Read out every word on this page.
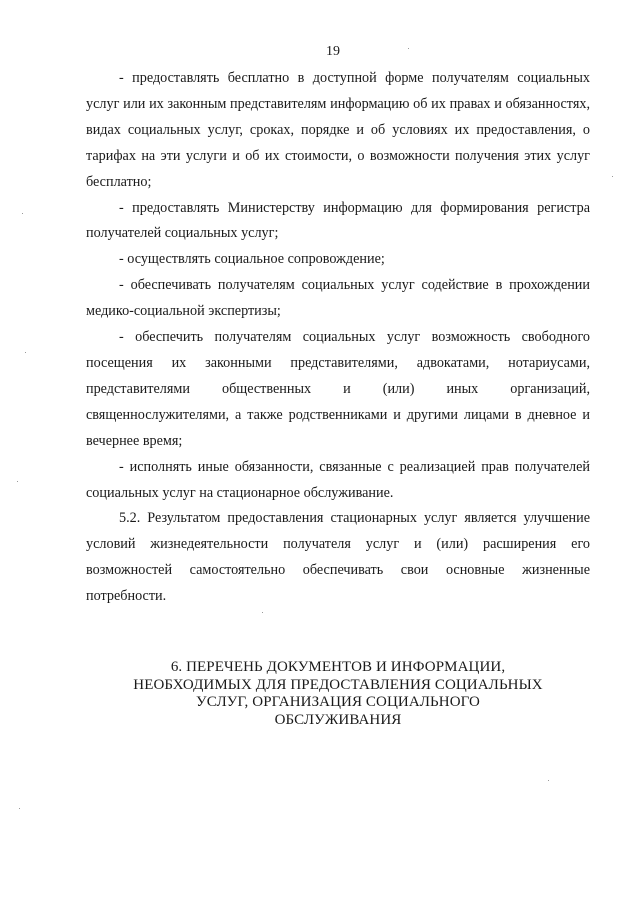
19

- предоставлять бесплатно в доступной форме получателям социальных услуг или их законным представителям информацию об их правах и обязанностях, видах социальных услуг, сроках, порядке и об условиях их предоставления, о тарифах на эти услуги и об их стоимости, о возможности получения этих услуг бесплатно;

- предоставлять Министерству информацию для формирования регистра получателей социальных услуг;

- осуществлять социальное сопровождение;

- обеспечивать получателям социальных услуг содействие в прохождении медико-социальной экспертизы;

- обеспечить получателям социальных услуг возможность свободного посещения их законными представителями, адвокатами, нотариусами, представителями общественных и (или) иных организаций, священнослужителями, а также родственниками и другими лицами в дневное и вечернее время;

- исполнять иные обязанности, связанные с реализацией прав получателей социальных услуг на стационарное обслуживание.

5.2. Результатом предоставления стационарных услуг является улучшение условий жизнедеятельности получателя услуг и (или) расширения его возможностей самостоятельно обеспечивать свои основные жизненные потребности.

6. ПЕРЕЧЕНЬ ДОКУМЕНТОВ И ИНФОРМАЦИИ,
НЕОБХОДИМЫХ ДЛЯ ПРЕДОСТАВЛЕНИЯ СОЦИАЛЬНЫХ
УСЛУГ, ОРГАНИЗАЦИЯ СОЦИАЛЬНОГО
ОБСЛУЖИВАНИЯ
